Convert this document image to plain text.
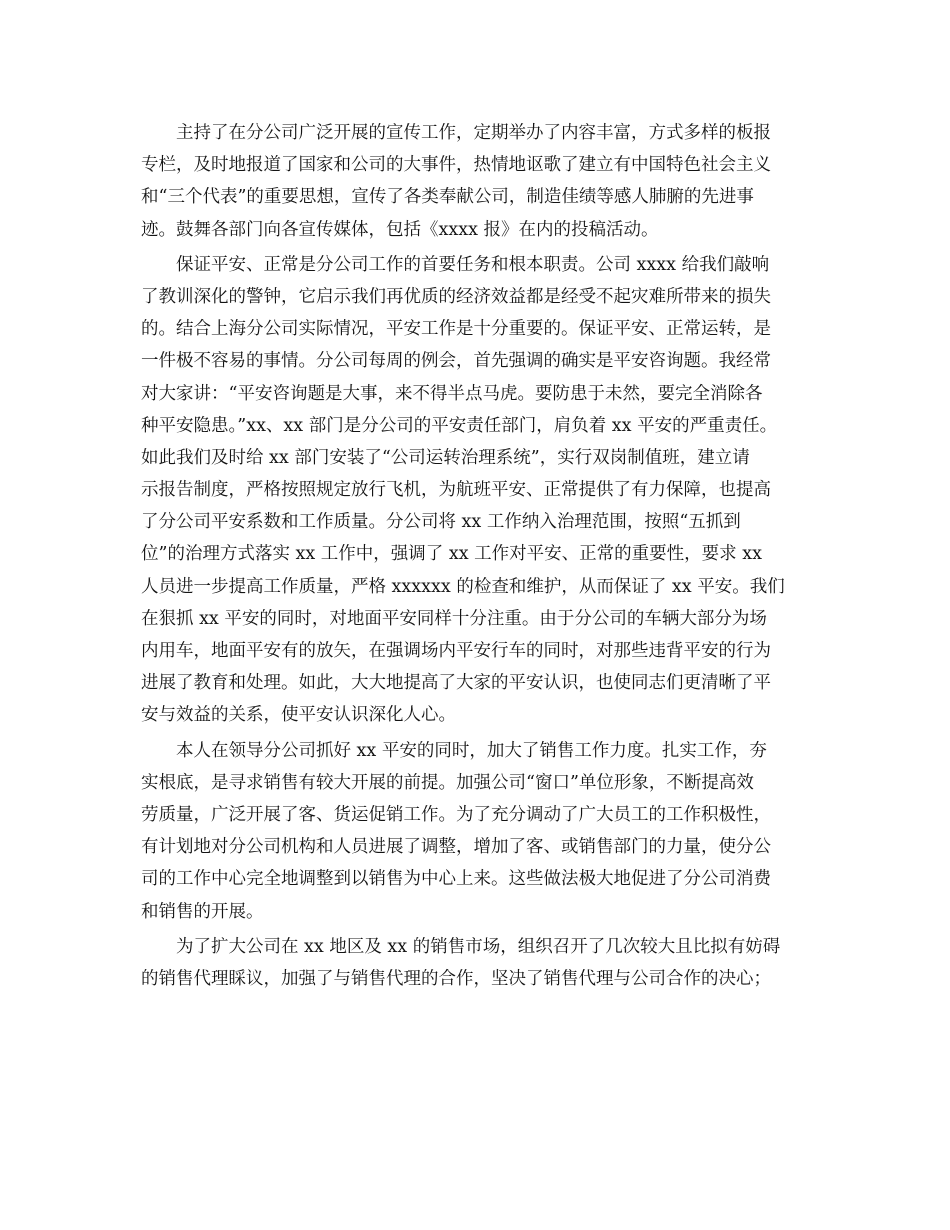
主持了在分公司广泛开展的宣传工作，定期举办了内容丰富，方式多样的板报
专栏，及时地报道了国家和公司的大事件，热情地讴歌了建立有中国特色社会主义
和“三个代表”的重要思想，宣传了各类奉献公司，制造佳绩等感人肺腑的先进事
迹。鼓舞各部门向各宣传媒体，包括《xxxx 报》在内的投稿活动。
保证平安、正常是分公司工作的首要任务和根本职责。公司 xxxx 给我们敲响
了教训深化的警钟，它启示我们再优质的经济效益都是经受不起灾难所带来的损失
的。结合上海分公司实际情况，平安工作是十分重要的。保证平安、正常运转，是
一件极不容易的事情。分公司每周的例会，首先强调的确实是平安咨询题。我经常
对大家讲：“平安咨询题是大事，来不得半点马虎。要防患于未然，要完全消除各
种平安隐患。”xx、xx 部门是分公司的平安责任部门，肩负着 xx 平安的严重责任。
如此我们及时给 xx 部门安装了“公司运转治理系统”，实行双岗制值班，建立请
示报告制度，严格按照规定放行飞机，为航班平安、正常提供了有力保障，也提高
了分公司平安系数和工作质量。分公司将 xx 工作纳入治理范围，按照“五抓到
位”的治理方式落实 xx 工作中，强调了 xx 工作对平安、正常的重要性，要求 xx
人员进一步提高工作质量，严格 xxxxxx 的检查和维护，从而保证了 xx 平安。我们
在狠抓 xx 平安的同时，对地面平安同样十分注重。由于分公司的车辆大部分为场
内用车，地面平安有的放矢，在强调场内平安行车的同时，对那些违背平安的行为
进展了教育和处理。如此，大大地提高了大家的平安认识，也使同志们更清晰了平
安与效益的关系，使平安认识深化人心。
本人在领导分公司抓好 xx 平安的同时，加大了销售工作力度。扎实工作，夯
实根底，是寻求销售有较大开展的前提。加强公司“窗口”单位形象，不断提高效
劳质量，广泛开展了客、货运促销工作。为了充分调动了广大员工的工作积极性，
有计划地对分公司机构和人员进展了调整，增加了客、或销售部门的力量，使分公
司的工作中心完全地调整到以销售为中心上来。这些做法极大地促进了分公司消费
和销售的开展。
为了扩大公司在 xx 地区及 xx 的销售市场，组织召开了几次较大且比拟有妨碍
的销售代理睬议，加强了与销售代理的合作，坚决了销售代理与公司合作的决心；
